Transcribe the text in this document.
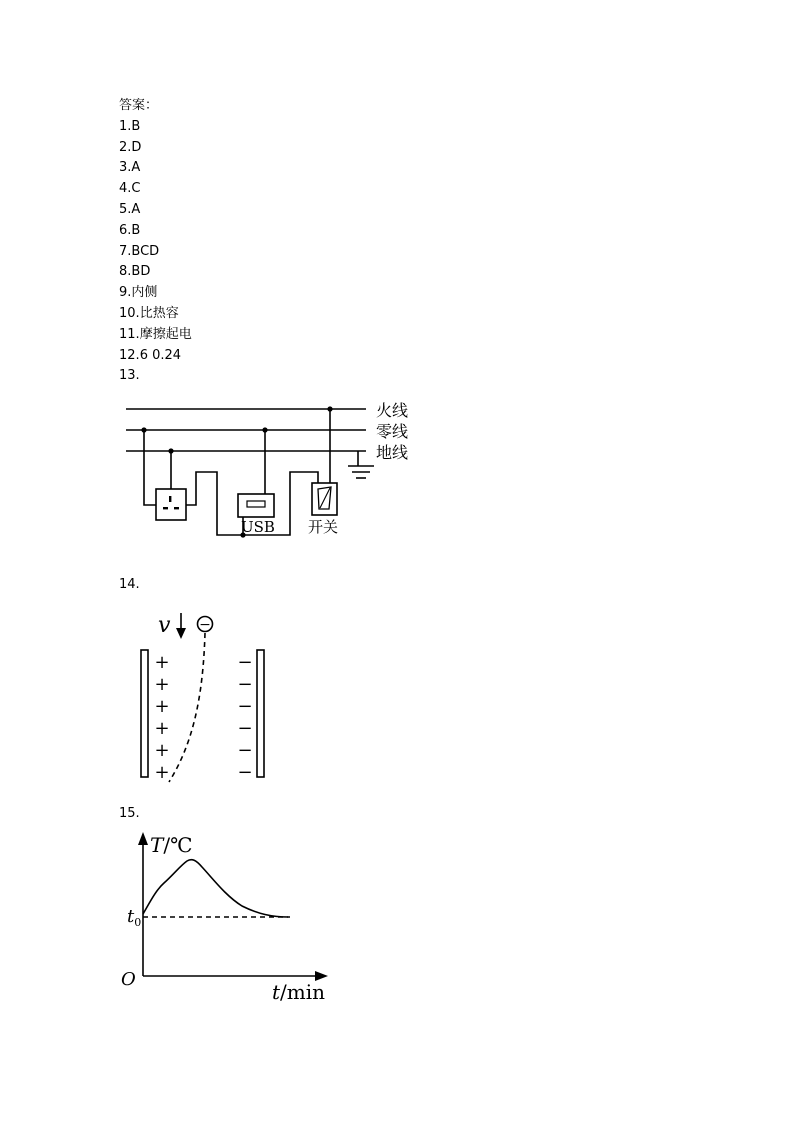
答案：
1.B
2.D
3.A
4.C
5.A
6.B
7.BCD
8.BD
9.内侧
10.比热容
11.摩擦起电
12.6 0.24
13.
火线
零线
地线
USB 开关
14.
v −
+
+
+
+
+
+
−
−
−
−
−
−
15.
T/℃
$t_0$
O
t/min
